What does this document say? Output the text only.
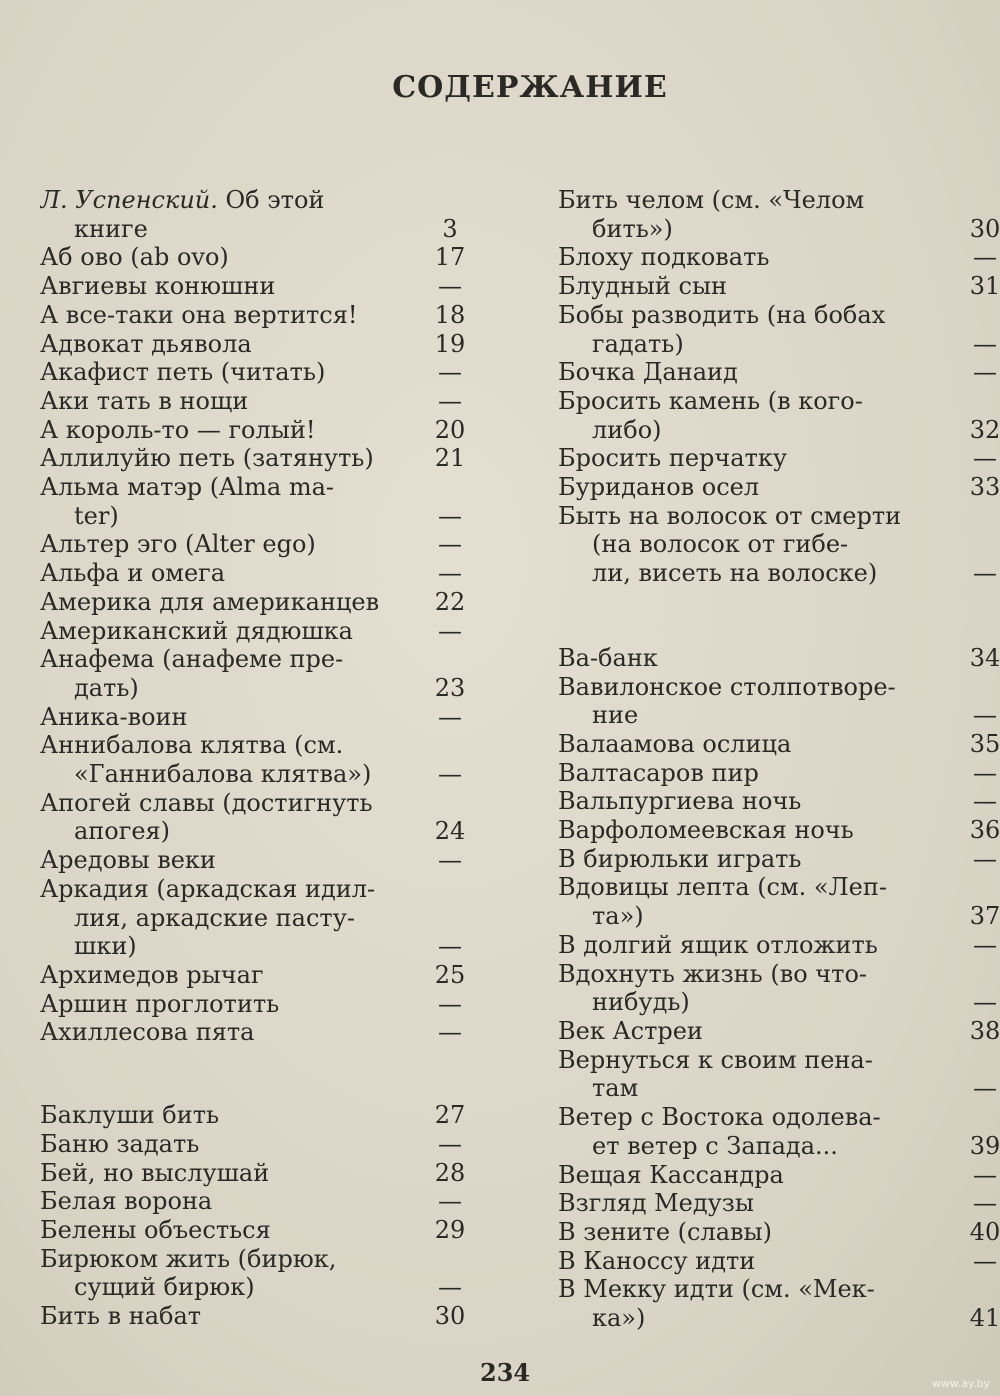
СОДЕРЖАНИЕ
Л. Успенский. Об этой
книге	3
Аб ово (ab ovo)	17
Авгиевы конюшни	—
А все-таки она вертится!	18
Адвокат дьявола	19
Акафист петь (читать)	—
Аки тать в нощи	—
А король-то — голый!	20
Аллилуйю петь (затянуть)	21
Альма матэр (Alma ma-
ter)	—
Альтер эго (Alter ego)	—
Альфа и омега	—
Америка для американцев	22
Американский дядюшка	—
Анафема (анафеме пре-
дать)	23
Аника-воин	—
Аннибалова клятва (см.
«Ганнибалова клятва»)	—
Апогей славы (достигнуть
апогея)	24
Аредовы веки	—
Аркадия (аркадская идил-
лия, аркадские пасту-
шки)	—
Архимедов рычаг	25
Аршин проглотить	—
Ахиллесова пята	—
Баклуши бить	27
Баню задать	—
Бей, но выслушай	28
Белая ворона	—
Белены объесться	29
Бирюком жить (бирюк,
сущий бирюк)	—
Бить в набат	30
Бить челом (см. «Челом
бить»)	30
Блоху подковать	—
Блудный сын	31
Бобы разводить (на бобах
гадать)	—
Бочка Данаид	—
Бросить камень (в кого-
либо)	32
Бросить перчатку	—
Буриданов осел	33
Быть на волосок от смерти
(на волосок от гибе-
ли, висеть на волоске)	—
Ва-банк	34
Вавилонское столпотворе-
ние	—
Валаамова ослица	35
Валтасаров пир	—
Вальпургиева ночь	—
Варфоломеевская ночь	36
В бирюльки играть	—
Вдовицы лепта (см. «Леп-
та»)	37
В долгий ящик отложить	—
Вдохнуть жизнь (во что-
нибудь)	—
Век Астреи	38
Вернуться к своим пена-
там	—
Ветер с Востока одолева-
ет ветер с Запада...	39
Вещая Кассандра	—
Взгляд Медузы	—
В зените (славы)	40
В Каноссу идти	—
В Мекку идти (см. «Мек-
ка»)	41
234	www.ay.by
